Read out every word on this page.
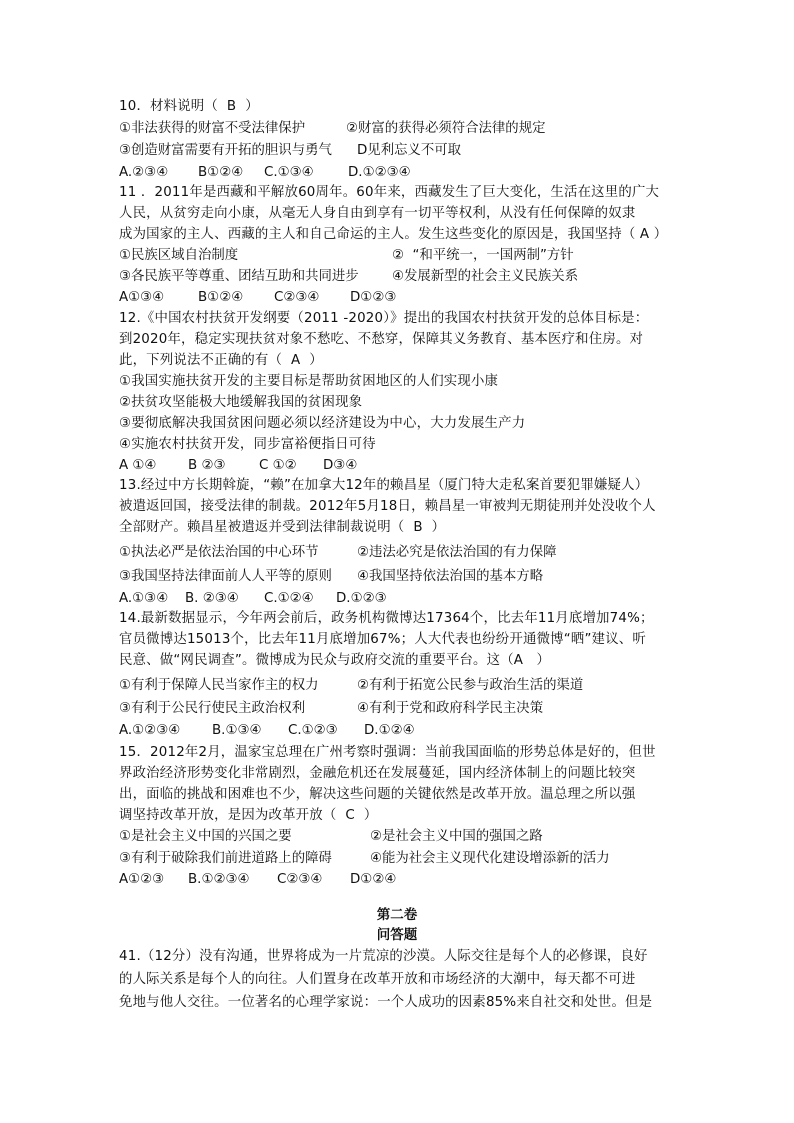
10．材料说明（  B  ）
①非法获得的财富不受法律保护	②财富的获得必须符合法律的规定
③创造财富需要有开拓的胆识与勇气 D见利忘义不可取
A.②③④ B①②④ C.①③④	D.①②③④
11 ．2011年是西藏和平解放60周年。60年来，西藏发生了巨大变化，生活在这里的广大
人民，从贫穷走向小康，从毫无人身自由到享有一切平等权利，从没有任何保障的奴隶
成为国家的主人、西藏的主人和自己命运的主人。发生这些变化的原因是，我国坚持（ A ）
①民族区域自治制度	②  “和平统一，一国两制”方针
③各民族平等尊重、团结互助和共同进步 ④发展新型的社会主义民族关系
A①③④	B①②④ C②③④ D①②③
12.《中国农村扶贫开发纲要（2011 -2020）》提出的我国农村扶贫开发的总体目标是：
到2020年，稳定实现扶贫对象不愁吃、不愁穿，保障其义务教育、基本医疗和住房。对
此，下列说法不正确的有（  A  ）
①我国实施扶贫开发的主要目标是帮助贫困地区的人们实现小康
②扶贫攻坚能极大地缓解我国的贫困现象
③要彻底解决我国贫困问题必须以经济建设为中心，大力发展生产力
④实施农村扶贫开发，同步富裕便指日可待
A ①④ B ②③	C ①② D③④
13.经过中方长期斡旋，“赖”在加拿大12年的赖昌星（厦门特大走私案首要犯罪嫌疑人）
被遣返回国，接受法律的制裁。2012年5月18日，赖昌星一审被判无期徒刑并处没收个人
全部财产。赖昌星被遣返并受到法律制裁说明（  B  ）
①执法必严是依法治国的中心环节	②违法必究是依法治国的有力保障
③我国坚持法律面前人人平等的原则 ④我国坚持依法治国的基本方略
A.①③④ B. ②③④ C.①②④ D.①②③
14.最新数据显示，今年两会前后，政务机构微博达17364个，比去年11月底增加74%；
官员微博达15013个，比去年11月底增加67%；人大代表也纷纷开通微博“晒”建议、听
民意、做“网民调查”。微博成为民众与政府交流的重要平台。这（A   ）
①有利于保障人民当家作主的权力	②有利于拓宽公民参与政治生活的渠道
③有利于公民行使民主政治权利	④有利于党和政府科学民主决策
A.①②③④ B.①③④ C.①②③ D.①②④
15．2012年2月，温家宝总理在广州考察时强调：当前我国面临的形势总体是好的，但世
界政治经济形势变化非常剧烈，金融危机还在发展蔓延，国内经济体制上的问题比较突
出，面临的挑战和困难也不少，解决这些问题的关键依然是改革开放。温总理之所以强
调坚持改革开放，是因为改革开放（  C  ）
①是社会主义中国的兴国之要	②是社会主义中国的强国之路
③有利于破除我们前进道路上的障碍	④能为社会主义现代化建设增添新的活力
A①②③ B.①②③④ C②③④ D①②④
第二卷
问答题
41.（12分）没有沟通，世界将成为一片荒凉的沙漠。人际交往是每个人的必修课，良好
的人际关系是每个人的向往。人们置身在改革开放和市场经济的大潮中，每天都不可进
免地与他人交往。一位著名的心理学家说：一个人成功的因素85%来自社交和处世。但是
